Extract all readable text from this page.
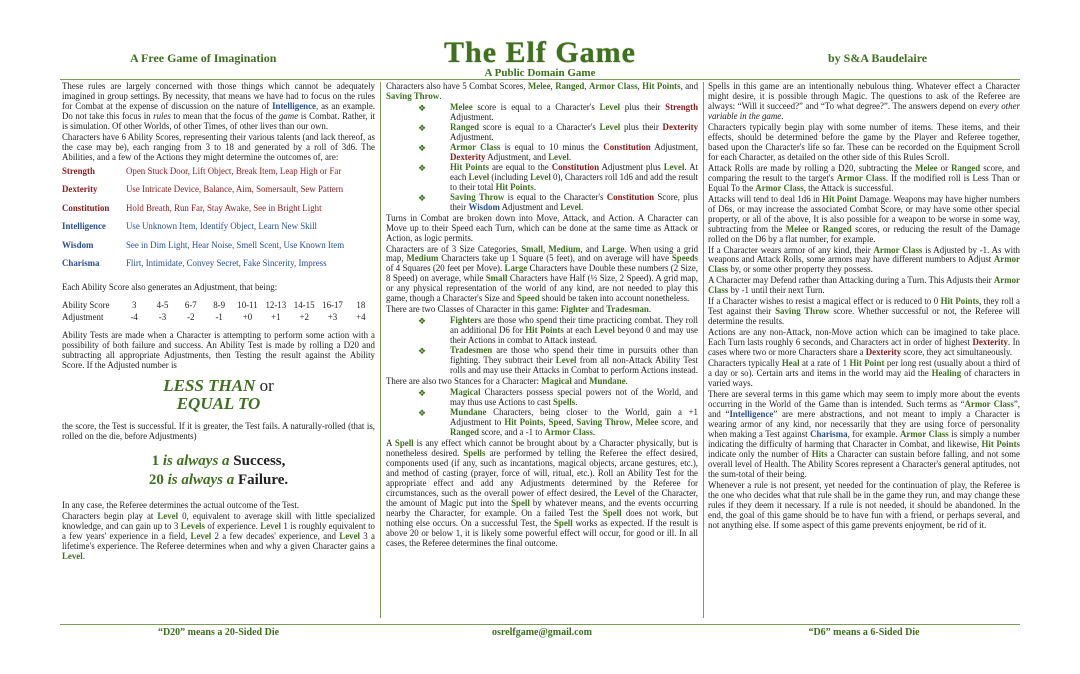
A Free Game of Imagination	The Elf Game
A Public Domain Game
by S&A Baudelaire

These rules are largely concerned with those things which cannot be adequately imagined in group settings. By necessity, that means we have had to focus on the rules for Combat at the expense of discussion on the nature of Intelligence, as an example. Do not take this focus in rules to mean that the focus of the game is Combat. Rather, it is simulation. Of other Worlds, of other Times, of other lives than our own.

Characters have 6 Ability Scores, representing their various talents (and lack thereof, as the case may be), each ranging from 3 to 18 and generated by a roll of 3d6. The Abilities, and a few of the Actions they might determine the outcomes of, are:

Strength	Open Stuck Door, Lift Object, Break Item, Leap High or Far
Dexterity	Use Intricate Device, Balance, Aim, Somersault, Sew Pattern
Constitution	Hold Breath, Run Far, Stay Awake, See in Bright Light
Intelligence	Use Unknown Item, Identify Object, Learn New Skill
Wisdom	See in Dim Light, Hear Noise, Smell Scent, Use Known Item
Charisma	Flirt, Intimidate, Convey Secret, Fake Sincerity, Impress

Each Ability Score also generates an Adjustment, that being:

Ability Score	3	4-5	6-7	8-9	10-11 12-13 14-15 16-17	18
Adjustment	-4	-3	-2	-1	+0	+1	+2	+3	+4

Ability Tests are made when a Character is attempting to perform some action with a possibility of both failure and success. An Ability Test is made by rolling a D20 and subtracting all appropriate Adjustments, then Testing the result against the Ability Score. If the Adjusted number is

LESS THAN or
EQUAL TO

the score, the Test is successful. If it is greater, the Test fails. A naturally-rolled (that is, rolled on the die, before Adjustments)

1 is always a Success,
20 is always a Failure.

In any case, the Referee determines the actual outcome of the Test.

Characters begin play at Level 0, equivalent to average skill with little specialized knowledge, and can gain up to 3 Levels of experience. Level 1 is roughly equivalent to a few years' experience in a field, Level 2 a few decades' experience, and Level 3 a lifetime's experience. The Referee determines when and why a given Character gains a Level.

Characters also have 5 Combat Scores, Melee, Ranged, Armor Class, Hit Points, and Saving Throw.

❖	Melee score is equal to a Character's Level plus their Strength Adjustment.
❖	Ranged score is equal to a Character's Level plus their Dexterity Adjustment.
❖	Armor Class is equal to 10 minus the Constitution Adjustment, Dexterity Adjustment, and Level.
❖	Hit Points are equal to the Constitution Adjustment plus Level. At each Level (including Level 0), Characters roll 1d6 and add the result to their total Hit Points.
❖	Saving Throw is equal to the Character's Constitution Score, plus their Wisdom Adjustment and Level.

Turns in Combat are broken down into Move, Attack, and Action. A Character can Move up to their Speed each Turn, which can be done at the same time as Attack or Action, as logic permits.

Characters are of 3 Size Categories, Small, Medium, and Large. When using a grid map, Medium Characters take up 1 Square (5 feet), and on average will have Speeds of 4 Squares (20 feet per Move). Large Characters have Double these numbers (2 Size, 8 Speed) on average, while Small Characters have Half (½ Size, 2 Speed). A grid map, or any physical representation of the world of any kind, are not needed to play this game, though a Character's Size and Speed should be taken into account nonetheless.

There are two Classes of Character in this game: Fighter and Tradesman.

❖	Fighters are those who spend their time practicing combat. They roll an additional D6 for Hit Points at each Level beyond 0 and may use their Actions in combat to Attack instead.
❖	Tradesmen are those who spend their time in pursuits other than fighting. They subtract their Level from all non-Attack Ability Test rolls and may use their Attacks in Combat to perform Actions instead.

There are also two Stances for a Character: Magical and Mundane.

❖	Magical Characters possess special powers not of the World, and may thus use Actions to cast Spells.
❖	Mundane Characters, being closer to the World, gain a +1 Adjustment to Hit Points, Speed, Saving Throw, Melee score, and Ranged score, and a -1 to Armor Class.

A Spell is any effect which cannot be brought about by a Character physically, but is nonetheless desired. Spells are performed by telling the Referee the effect desired, components used (if any, such as incantations, magical objects, arcane gestures, etc.), and method of casting (prayer, force of will, ritual, etc.). Roll an Ability Test for the appropriate effect and add any Adjustments determined by the Referee for circumstances, such as the overall power of effect desired, the Level of the Character, the amount of Magic put into the Spell by whatever means, and the events occurring nearby the Character, for example. On a failed Test the Spell does not work, but nothing else occurs. On a successful Test, the Spell works as expected. If the result is above 20 or below 1, it is likely some powerful effect will occur, for good or ill. In all cases, the Referee determines the final outcome.

Spells in this game are an intentionally nebulous thing. Whatever effect a Character might desire, it is possible through Magic. The questions to ask of the Referee are always: “Will it succeed?” and “To what degree?”. The answers depend on every other variable in the game.

Characters typically begin play with some number of items. These items, and their effects, should be determined before the game by the Player and Referee together, based upon the Character's life so far. These can be recorded on the Equipment Scroll for each Character, as detailed on the other side of this Rules Scroll.

Attack Rolls are made by rolling a D20, subtracting the Melee or Ranged score, and comparing the result to the target's Armor Class. If the modified roll is Less Than or Equal To the Armor Class, the Attack is successful.

Attacks will tend to deal 1d6 in Hit Point Damage. Weapons may have higher numbers of D6s, or may increase the associated Combat Score, or may have some other special property, or all of the above, It is also possible for a weapon to be worse in some way, subtracting from the Melee or Ranged scores, or reducing the result of the Damage rolled on the D6 by a flat number, for example.

If a Character wears armor of any kind, their Armor Class is Adjusted by -1. As with weapons and Attack Rolls, some armors may have different numbers to Adjust Armor Class by, or some other property they possess.

A Character may Defend rather than Attacking during a Turn. This Adjusts their Armor Class by -1 until their next Turn.

If a Character wishes to resist a magical effect or is reduced to 0 Hit Points, they roll a Test against their Saving Throw score. Whether successful or not, the Referee will determine the results.

Actions are any non-Attack, non-Move action which can be imagined to take place. Each Turn lasts roughly 6 seconds, and Characters act in order of highest Dexterity. In cases where two or more Characters share a Dexterity score, they act simultaneously.

Characters typically Heal at a rate of 1 Hit Point per long rest (usually about a third of a day or so). Certain arts and items in the world may aid the Healing of characters in varied ways.

There are several terms in this game which may seem to imply more about the events occurring in the World of the Game than is intended. Such terms as “Armor Class”, and “Intelligence” are mere abstractions, and not meant to imply a Character is wearing armor of any kind, nor necessarily that they are using force of personality when making a Test against Charisma, for example. Armor Class is simply a number indicating the difficulty of harming that Character in Combat, and likewise, Hit Points indicate only the number of Hits a Character can sustain before falling, and not some overall level of Health. The Ability Scores represent a Character's general aptitudes, not the sum-total of their being.

Whenever a rule is not present, yet needed for the continuation of play, the Referee is the one who decides what that rule shall be in the game they run, and may change these rules if they deem it necessary. If a rule is not needed, it should be abandoned. In the end, the goal of this game should be to have fun with a friend, or perhaps several, and not anything else. If some aspect of this game prevents enjoyment, be rid of it.

“D20” means a 20-Sided Die	osrelfgame@gmail.com	“D6” means a 6-Sided Die
